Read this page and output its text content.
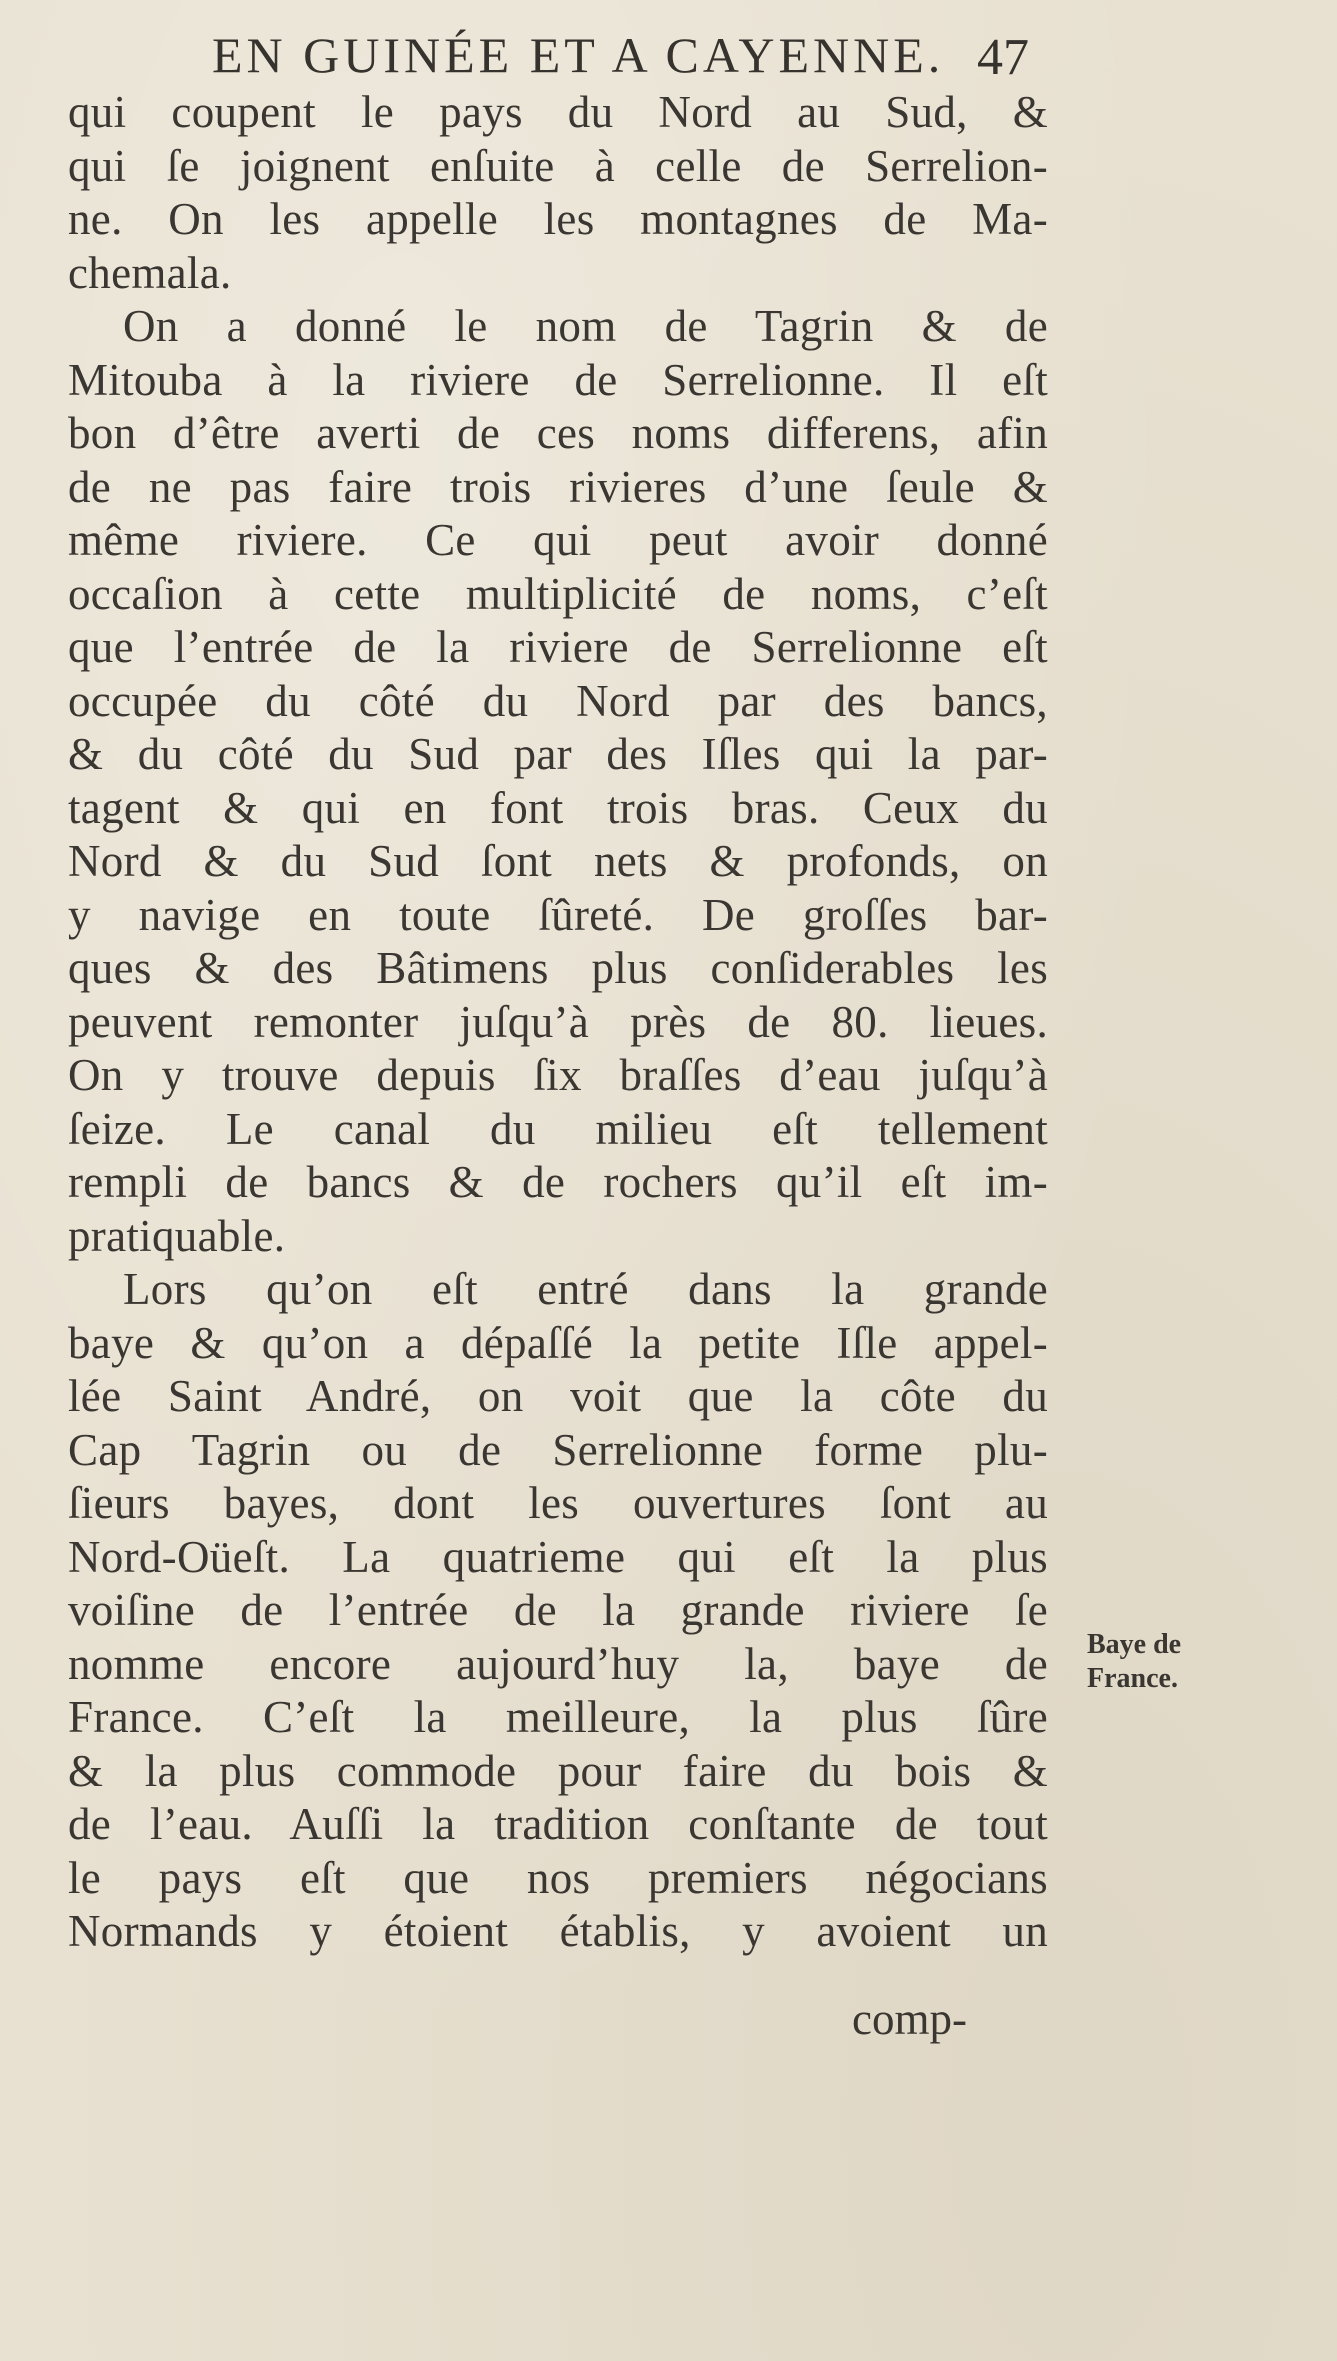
EN GUINÉE ET A CAYENNE. 47
qui coupent le pays du Nord au Sud, &
qui ſe joignent enſuite à celle de Serrelion-
ne. On les appelle les montagnes de Ma-
chemala.
On a donné le nom de Tagrin & de
Mitouba à la riviere de Serrelionne. Il eſt
bon d’être averti de ces noms differens, afin
de ne pas faire trois rivieres d’une ſeule &
même riviere. Ce qui peut avoir donné
occaſion à cette multiplicité de noms, c’eſt
que l’entrée de la riviere de Serrelionne eſt
occupée du côté du Nord par des bancs,
& du côté du Sud par des Iſles qui la par-
tagent & qui en font trois bras. Ceux du
Nord & du Sud ſont nets & profonds, on
y navige en toute ſûreté. De groſſes bar-
ques & des Bâtimens plus conſiderables les
peuvent remonter juſqu’à près de 80. lieues.
On y trouve depuis ſix braſſes d’eau juſqu’à
ſeize. Le canal du milieu eſt tellement
rempli de bancs & de rochers qu’il eſt im-
pratiquable.
Lors qu’on eſt entré dans la grande
baye & qu’on a dépaſſé la petite Iſle appel-
lée Saint André, on voit que la côte du
Cap Tagrin ou de Serrelionne forme plu-
ſieurs bayes, dont les ouvertures ſont au
Nord-Oüeſt. La quatrieme qui eſt la plus
voiſine de l’entrée de la grande riviere ſe
nomme encore aujourd’huy la, baye de
France. C’eſt la meilleure, la plus ſûre
& la plus commode pour faire du bois &
de l’eau. Auſſi la tradition conſtante de tout
le pays eſt que nos premiers négocians
Normands y étoient établis, y avoient un
Baye de
France.
comp-
